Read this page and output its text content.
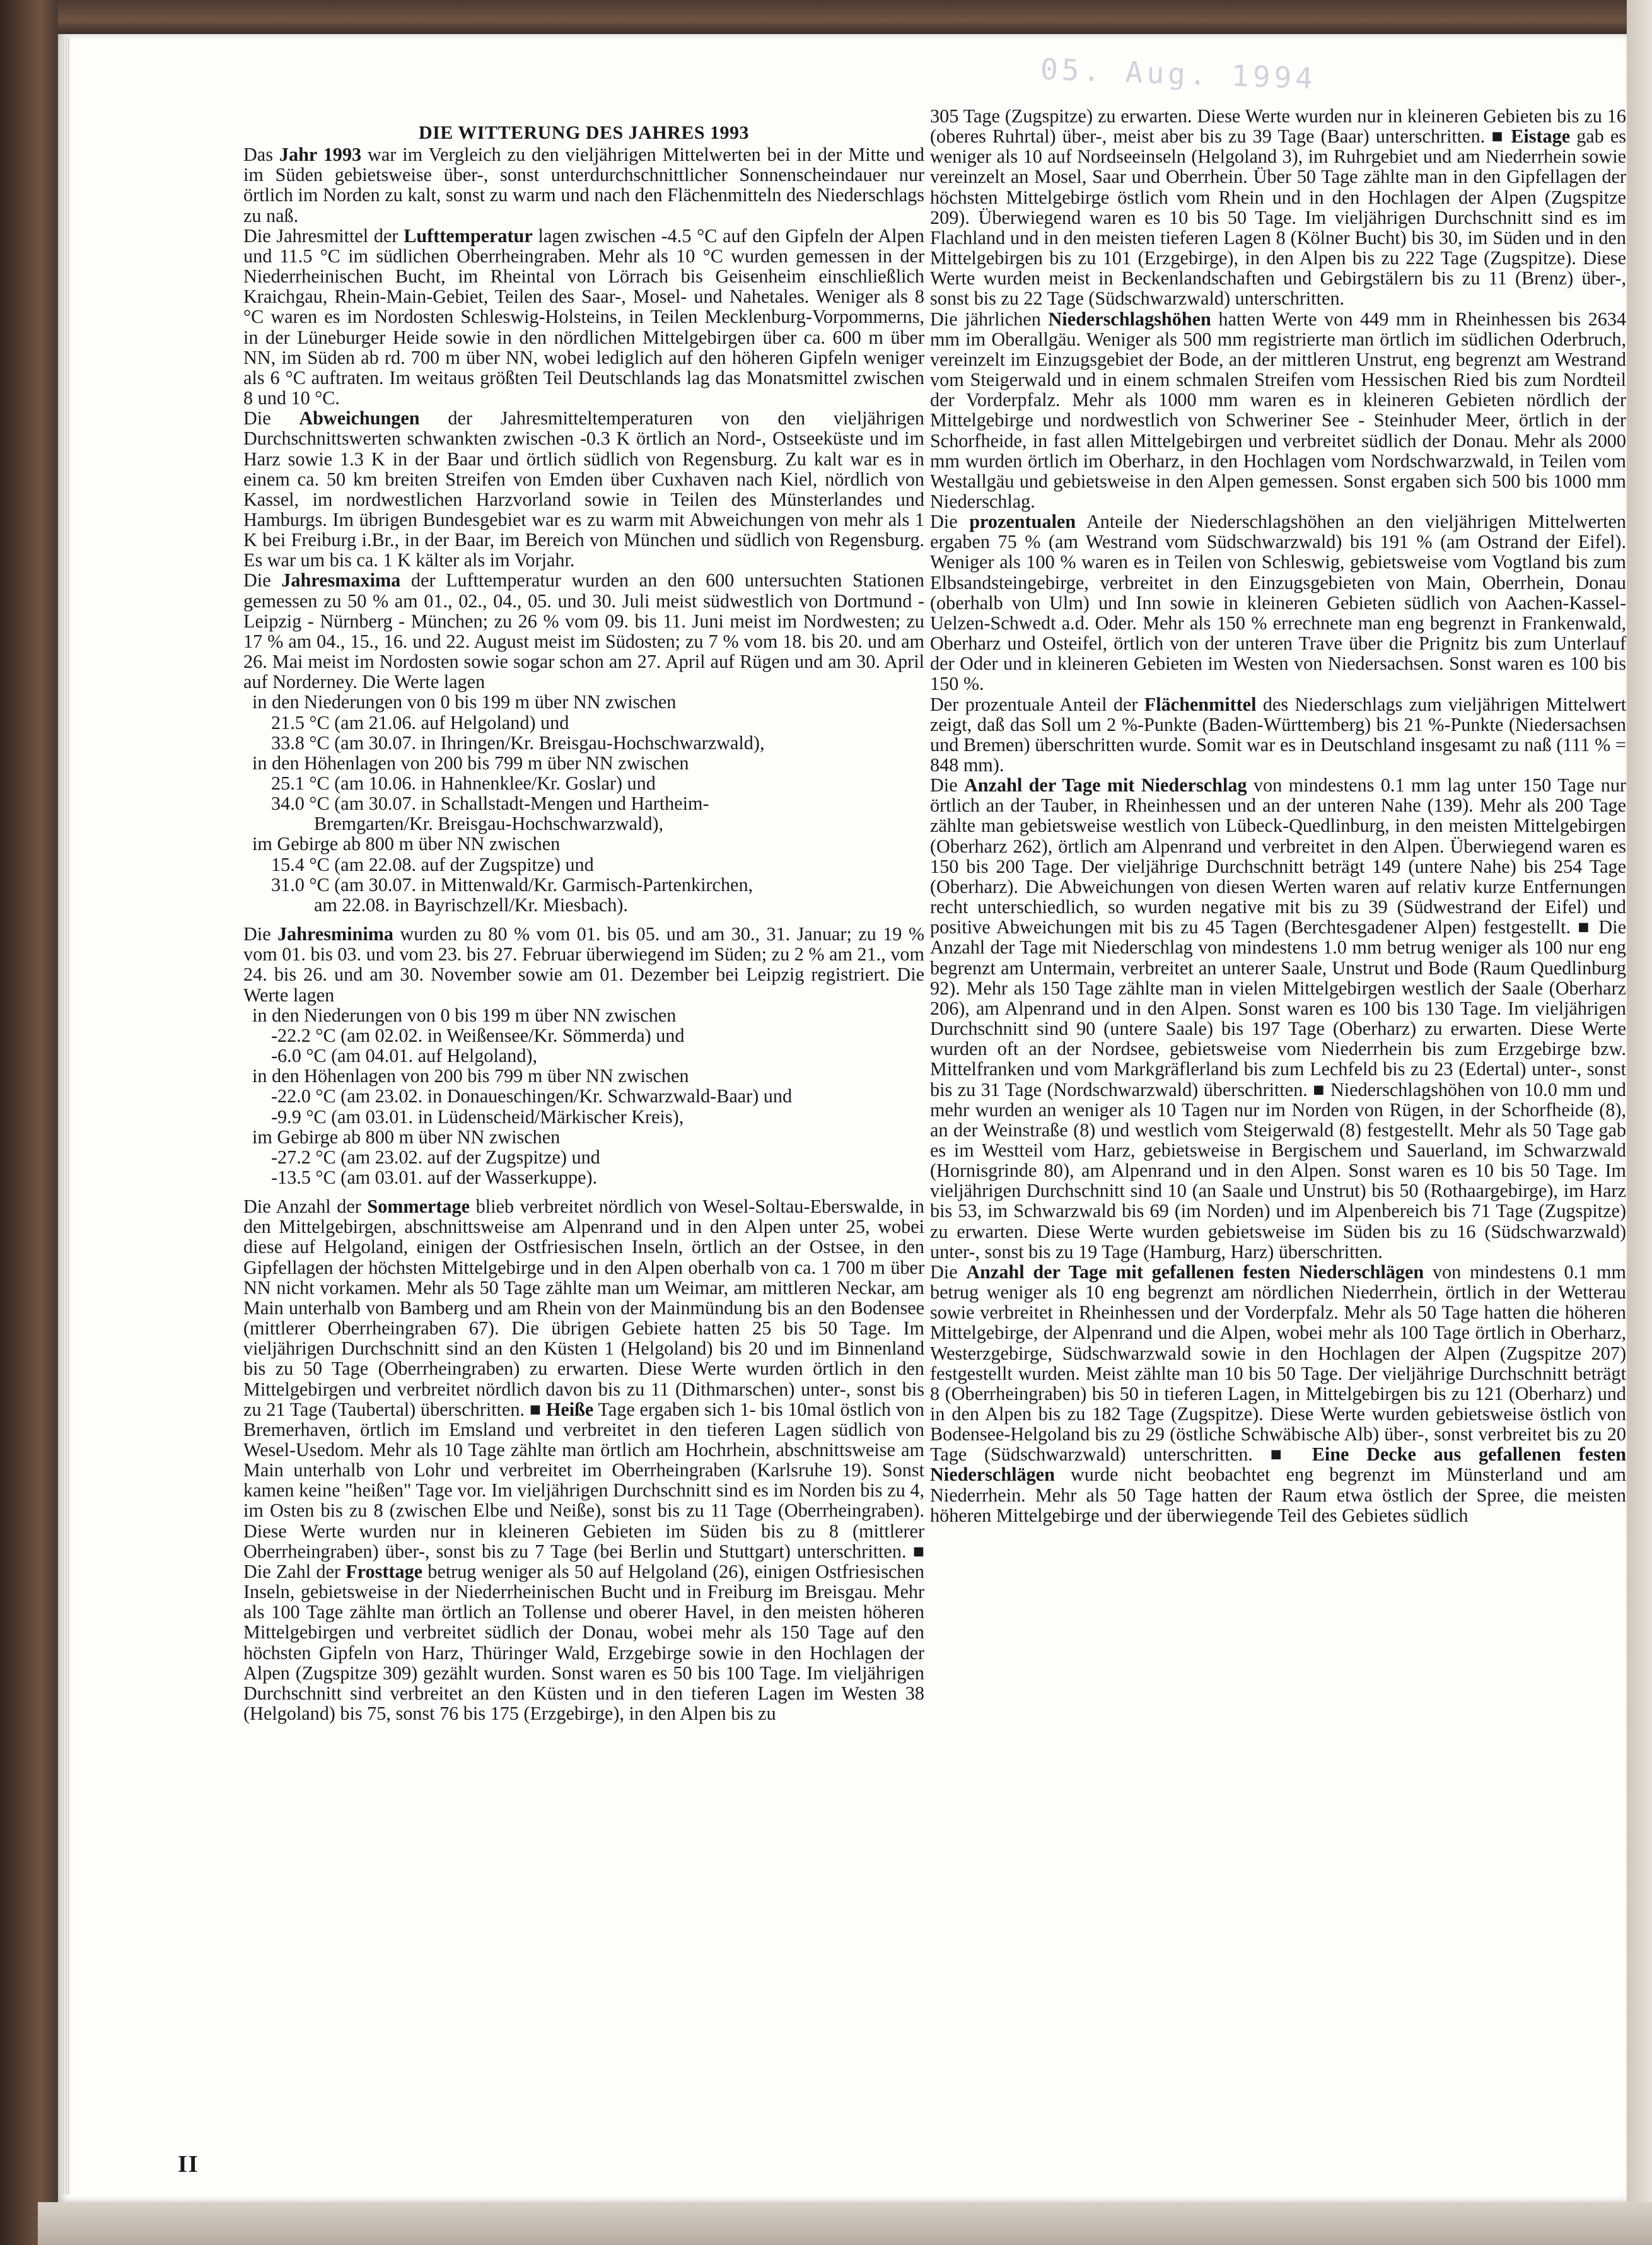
05. Aug. 1994

DIE WITTERUNG DES JAHRES 1993

Das Jahr 1993 war im Vergleich zu den vieljährigen Mittelwerten bei in der Mitte und im Süden gebietsweise über-, sonst unterdurchschnittlicher Sonnenscheindauer nur örtlich im Norden zu kalt, sonst zu warm und nach den Flächenmitteln des Niederschlags zu naß.

Die Jahresmittel der Lufttemperatur lagen zwischen -4.5 °C auf den Gipfeln der Alpen und 11.5 °C im südlichen Oberrheingraben. Mehr als 10 °C wurden gemessen in der Niederrheinischen Bucht, im Rheintal von Lörrach bis Geisenheim einschließlich Kraichgau, Rhein-Main-Gebiet, Teilen des Saar-, Mosel- und Nahetales. Weniger als 8 °C waren es im Nordosten Schleswig-Holsteins, in Teilen Mecklenburg-Vorpommerns, in der Lüneburger Heide sowie in den nördlichen Mittelgebirgen über ca. 600 m über NN, im Süden ab rd. 700 m über NN, wobei lediglich auf den höheren Gipfeln weniger als 6 °C auftraten. Im weitaus größten Teil Deutschlands lag das Monatsmittel zwischen 8 und 10 °C.

Die Abweichungen der Jahresmitteltemperaturen von den vieljährigen Durchschnittswerten schwankten zwischen -0.3 K örtlich an Nord-, Ostseeküste und im Harz sowie 1.3 K in der Baar und örtlich südlich von Regensburg. Zu kalt war es in einem ca. 50 km breiten Streifen von Emden über Cuxhaven nach Kiel, nördlich von Kassel, im nordwestlichen Harzvorland sowie in Teilen des Münsterlandes und Hamburgs. Im übrigen Bundesgebiet war es zu warm mit Abweichungen von mehr als 1 K bei Freiburg i.Br., in der Baar, im Bereich von München und südlich von Regensburg. Es war um bis ca. 1 K kälter als im Vorjahr.

Die Jahresmaxima der Lufttemperatur wurden an den 600 untersuchten Stationen gemessen zu 50 % am 01., 02., 04., 05. und 30. Juli meist südwestlich von Dortmund - Leipzig - Nürnberg - München; zu 26 % vom 09. bis 11. Juni meist im Nordwesten; zu 17 % am 04., 15., 16. und 22. August meist im Südosten; zu 7 % vom 18. bis 20. und am 26. Mai meist im Nordosten sowie sogar schon am 27. April auf Rügen und am 30. April auf Norderney. Die Werte lagen

in den Niederungen von 0 bis 199 m über NN zwischen
21.5 °C (am 21.06. auf Helgoland) und
33.8 °C (am 30.07. in Ihringen/Kr. Breisgau-Hochschwarzwald),
in den Höhenlagen von 200 bis 799 m über NN zwischen
25.1 °C (am 10.06. in Hahnenklee/Kr. Goslar) und
34.0 °C (am 30.07. in Schallstadt-Mengen und Hartheim-
Bremgarten/Kr. Breisgau-Hochschwarzwald),
im Gebirge ab 800 m über NN zwischen
15.4 °C (am 22.08. auf der Zugspitze) und
31.0 °C (am 30.07. in Mittenwald/Kr. Garmisch-Partenkirchen,
am 22.08. in Bayrischzell/Kr. Miesbach).

Die Jahresminima wurden zu 80 % vom 01. bis 05. und am 30., 31. Januar; zu 19 % vom 01. bis 03. und vom 23. bis 27. Februar überwiegend im Süden; zu 2 % am 21., vom 24. bis 26. und am 30. November sowie am 01. Dezember bei Leipzig registriert. Die Werte lagen

in den Niederungen von 0 bis 199 m über NN zwischen
-22.2 °C (am 02.02. in Weißensee/Kr. Sömmerda) und
-6.0 °C (am 04.01. auf Helgoland),
in den Höhenlagen von 200 bis 799 m über NN zwischen
-22.0 °C (am 23.02. in Donaueschingen/Kr. Schwarzwald-Baar) und
-9.9 °C (am 03.01. in Lüdenscheid/Märkischer Kreis),
im Gebirge ab 800 m über NN zwischen
-27.2 °C (am 23.02. auf der Zugspitze) und
-13.5 °C (am 03.01. auf der Wasserkuppe).

Die Anzahl der Sommertage blieb verbreitet nördlich von Wesel-Soltau-Eberswalde, in den Mittelgebirgen, abschnittsweise am Alpenrand und in den Alpen unter 25, wobei diese auf Helgoland, einigen der Ostfriesischen Inseln, örtlich an der Ostsee, in den Gipfellagen der höchsten Mittelgebirge und in den Alpen oberhalb von ca. 1 700 m über NN nicht vorkamen. Mehr als 50 Tage zählte man um Weimar, am mittleren Neckar, am Main unterhalb von Bamberg und am Rhein von der Mainmündung bis an den Bodensee (mittlerer Oberrheingraben 67). Die übrigen Gebiete hatten 25 bis 50 Tage. Im vieljährigen Durchschnitt sind an den Küsten 1 (Helgoland) bis 20 und im Binnenland bis zu 50 Tage (Oberrheingraben) zu erwarten. Diese Werte wurden örtlich in den Mittelgebirgen und verbreitet nördlich davon bis zu 11 (Dithmarschen) unter-, sonst bis zu 21 Tage (Taubertal) überschritten. ■ Heiße Tage ergaben sich 1- bis 10mal östlich von Bremerhaven, örtlich im Emsland und verbreitet in den tieferen Lagen südlich von Wesel-Usedom. Mehr als 10 Tage zählte man örtlich am Hochrhein, abschnittsweise am Main unterhalb von Lohr und verbreitet im Oberrheingraben (Karlsruhe 19). Sonst kamen keine "heißen" Tage vor. Im vieljährigen Durchschnitt sind es im Norden bis zu 4, im Osten bis zu 8 (zwischen Elbe und Neiße), sonst bis zu 11 Tage (Oberrheingraben). Diese Werte wurden nur in kleineren Gebieten im Süden bis zu 8 (mittlerer Oberrheingraben) über-, sonst bis zu 7 Tage (bei Berlin und Stuttgart) unterschritten. ■ Die Zahl der Frosttage betrug weniger als 50 auf Helgoland (26), einigen Ostfriesischen Inseln, gebietsweise in der Niederrheinischen Bucht und in Freiburg im Breisgau. Mehr als 100 Tage zählte man örtlich an Tollense und oberer Havel, in den meisten höheren Mittelgebirgen und verbreitet südlich der Donau, wobei mehr als 150 Tage auf den höchsten Gipfeln von Harz, Thüringer Wald, Erzgebirge sowie in den Hochlagen der Alpen (Zugspitze 309) gezählt wurden. Sonst waren es 50 bis 100 Tage. Im vieljährigen Durchschnitt sind verbreitet an den Küsten und in den tieferen Lagen im Westen 38 (Helgoland) bis 75, sonst 76 bis 175 (Erzgebirge), in den Alpen bis zu

305 Tage (Zugspitze) zu erwarten. Diese Werte wurden nur in kleineren Gebieten bis zu 16 (oberes Ruhrtal) über-, meist aber bis zu 39 Tage (Baar) unterschritten. ■ Eistage gab es weniger als 10 auf Nordseeinseln (Helgoland 3), im Ruhrgebiet und am Niederrhein sowie vereinzelt an Mosel, Saar und Oberrhein. Über 50 Tage zählte man in den Gipfellagen der höchsten Mittelgebirge östlich vom Rhein und in den Hochlagen der Alpen (Zugspitze 209). Überwiegend waren es 10 bis 50 Tage. Im vieljährigen Durchschnitt sind es im Flachland und in den meisten tieferen Lagen 8 (Kölner Bucht) bis 30, im Süden und in den Mittelgebirgen bis zu 101 (Erzgebirge), in den Alpen bis zu 222 Tage (Zugspitze). Diese Werte wurden meist in Beckenlandschaften und Gebirgstälern bis zu 11 (Brenz) über-, sonst bis zu 22 Tage (Südschwarzwald) unterschritten.

Die jährlichen Niederschlagshöhen hatten Werte von 449 mm in Rheinhessen bis 2634 mm im Oberallgäu. Weniger als 500 mm registrierte man örtlich im südlichen Oderbruch, vereinzelt im Einzugsgebiet der Bode, an der mittleren Unstrut, eng begrenzt am Westrand vom Steigerwald und in einem schmalen Streifen vom Hessischen Ried bis zum Nordteil der Vorderpfalz. Mehr als 1000 mm waren es in kleineren Gebieten nördlich der Mittelgebirge und nordwestlich von Schweriner See - Steinhuder Meer, örtlich in der Schorfheide, in fast allen Mittelgebirgen und verbreitet südlich der Donau. Mehr als 2000 mm wurden örtlich im Oberharz, in den Hochlagen vom Nordschwarzwald, in Teilen vom Westallgäu und gebietsweise in den Alpen gemessen. Sonst ergaben sich 500 bis 1000 mm Niederschlag.

Die prozentualen Anteile der Niederschlagshöhen an den vieljährigen Mittelwerten ergaben 75 % (am Westrand vom Südschwarzwald) bis 191 % (am Ostrand der Eifel). Weniger als 100 % waren es in Teilen von Schleswig, gebietsweise vom Vogtland bis zum Elbsandsteingebirge, verbreitet in den Einzugsgebieten von Main, Oberrhein, Donau (oberhalb von Ulm) und Inn sowie in kleineren Gebieten südlich von Aachen-Kassel-Uelzen-Schwedt a.d. Oder. Mehr als 150 % errechnete man eng begrenzt in Frankenwald, Oberharz und Osteifel, örtlich von der unteren Trave über die Prignitz bis zum Unterlauf der Oder und in kleineren Gebieten im Westen von Niedersachsen. Sonst waren es 100 bis 150 %.

Der prozentuale Anteil der Flächenmittel des Niederschlags zum vieljährigen Mittelwert zeigt, daß das Soll um 2 %-Punkte (Baden-Württemberg) bis 21 %-Punkte (Niedersachsen und Bremen) überschritten wurde. Somit war es in Deutschland insgesamt zu naß (111 % = 848 mm).

Die Anzahl der Tage mit Niederschlag von mindestens 0.1 mm lag unter 150 Tage nur örtlich an der Tauber, in Rheinhessen und an der unteren Nahe (139). Mehr als 200 Tage zählte man gebietsweise westlich von Lübeck-Quedlinburg, in den meisten Mittelgebirgen (Oberharz 262), örtlich am Alpenrand und verbreitet in den Alpen. Überwiegend waren es 150 bis 200 Tage. Der vieljährige Durchschnitt beträgt 149 (untere Nahe) bis 254 Tage (Oberharz). Die Abweichungen von diesen Werten waren auf relativ kurze Entfernungen recht unterschiedlich, so wurden negative mit bis zu 39 (Südwestrand der Eifel) und positive Abweichungen mit bis zu 45 Tagen (Berchtesgadener Alpen) festgestellt. ■ Die Anzahl der Tage mit Niederschlag von mindestens 1.0 mm betrug weniger als 100 nur eng begrenzt am Untermain, verbreitet an unterer Saale, Unstrut und Bode (Raum Quedlinburg 92). Mehr als 150 Tage zählte man in vielen Mittelgebirgen westlich der Saale (Oberharz 206), am Alpenrand und in den Alpen. Sonst waren es 100 bis 130 Tage. Im vieljährigen Durchschnitt sind 90 (untere Saale) bis 197 Tage (Oberharz) zu erwarten. Diese Werte wurden oft an der Nordsee, gebietsweise vom Niederrhein bis zum Erzgebirge bzw. Mittelfranken und vom Markgräflerland bis zum Lechfeld bis zu 23 (Edertal) unter-, sonst bis zu 31 Tage (Nordschwarzwald) überschritten. ■ Niederschlagshöhen von 10.0 mm und mehr wurden an weniger als 10 Tagen nur im Norden von Rügen, in der Schorfheide (8), an der Weinstraße (8) und westlich vom Steigerwald (8) festgestellt. Mehr als 50 Tage gab es im Westteil vom Harz, gebietsweise in Bergischem und Sauerland, im Schwarzwald (Hornisgrinde 80), am Alpenrand und in den Alpen. Sonst waren es 10 bis 50 Tage. Im vieljährigen Durchschnitt sind 10 (an Saale und Unstrut) bis 50 (Rothaargebirge), im Harz bis 53, im Schwarzwald bis 69 (im Norden) und im Alpenbereich bis 71 Tage (Zugspitze) zu erwarten. Diese Werte wurden gebietsweise im Süden bis zu 16 (Südschwarzwald) unter-, sonst bis zu 19 Tage (Hamburg, Harz) überschritten.

Die Anzahl der Tage mit gefallenen festen Niederschlägen von mindestens 0.1 mm betrug weniger als 10 eng begrenzt am nördlichen Niederrhein, örtlich in der Wetterau sowie verbreitet in Rheinhessen und der Vorderpfalz. Mehr als 50 Tage hatten die höheren Mittelgebirge, der Alpenrand und die Alpen, wobei mehr als 100 Tage örtlich in Oberharz, Westerzgebirge, Südschwarzwald sowie in den Hochlagen der Alpen (Zugspitze 207) festgestellt wurden. Meist zählte man 10 bis 50 Tage. Der vieljährige Durchschnitt beträgt 8 (Oberrheingraben) bis 50 in tieferen Lagen, in Mittelgebirgen bis zu 121 (Oberharz) und in den Alpen bis zu 182 Tage (Zugspitze). Diese Werte wurden gebietsweise östlich von Bodensee-Helgoland bis zu 29 (östliche Schwäbische Alb) über-, sonst verbreitet bis zu 20 Tage (Südschwarzwald) unterschritten. ■ Eine Decke aus gefallenen festen Niederschlägen wurde nicht beobachtet eng begrenzt im Münsterland und am Niederrhein. Mehr als 50 Tage hatten der Raum etwa östlich der Spree, die meisten höheren Mittelgebirge und der überwiegende Teil des Gebietes südlich

II
